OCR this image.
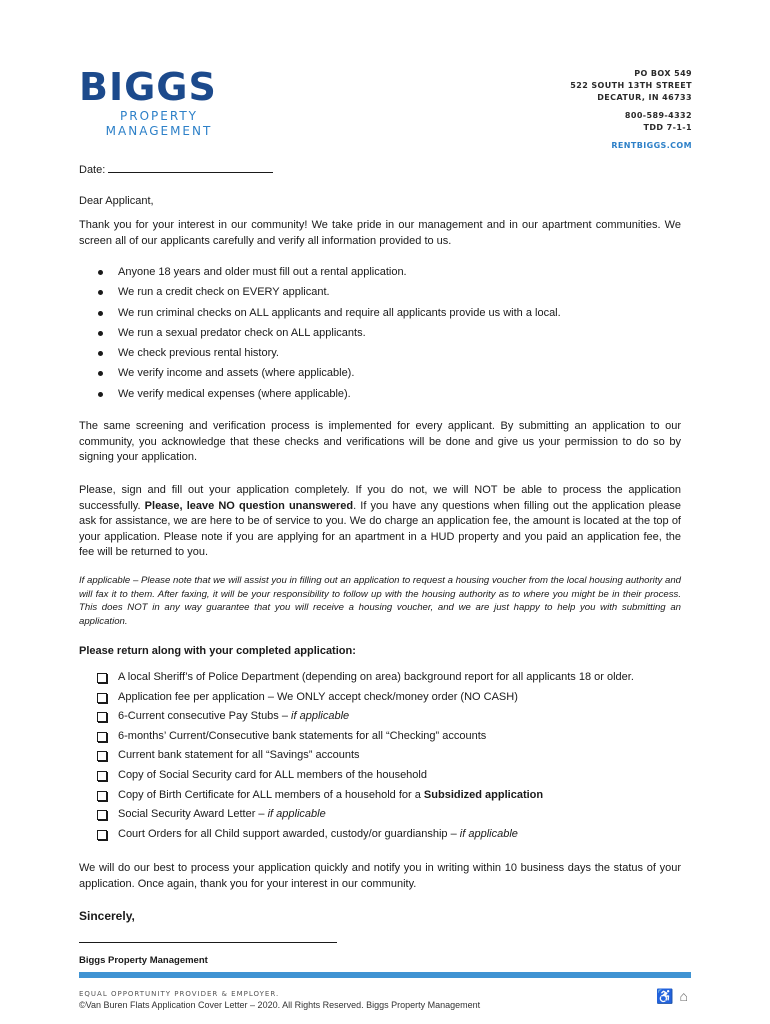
BIGGS
PROPERTY
MANAGEMENT
PO BOX 549
522 SOUTH 13TH STREET
DECATUR, IN 46733
800-589-4332
TDD 7-1-1
RENTBIGGS.COM
Date:
Dear Applicant,
Thank you for your interest in our community! We take pride in our management and in our apartment communities. We screen all of our applicants carefully and verify all information provided to us.
Anyone 18 years and older must fill out a rental application.
We run a credit check on EVERY applicant.
We run criminal checks on ALL applicants and require all applicants provide us with a local.
We run a sexual predator check on ALL applicants.
We check previous rental history.
We verify income and assets (where applicable).
We verify medical expenses (where applicable).
The same screening and verification process is implemented for every applicant. By submitting an application to our community, you acknowledge that these checks and verifications will be done and give us your permission to do so by signing your application.
Please, sign and fill out your application completely. If you do not, we will NOT be able to process the application successfully. Please, leave NO question unanswered. If you have any questions when filling out the application please ask for assistance, we are here to be of service to you. We do charge an application fee, the amount is located at the top of your application. Please note if you are applying for an apartment in a HUD property and you paid an application fee, the fee will be returned to you.
If applicable – Please note that we will assist you in filling out an application to request a housing voucher from the local housing authority and will fax it to them. After faxing, it will be your responsibility to follow up with the housing authority as to where you might be in their process. This does NOT in any way guarantee that you will receive a housing voucher, and we are just happy to help you with submitting an application.
Please return along with your completed application:
A local Sheriff’s of Police Department (depending on area) background report for all applicants 18 or older.
Application fee per application – We ONLY accept check/money order (NO CASH)
6-Current consecutive Pay Stubs – if applicable
6-months’ Current/Consecutive bank statements for all “Checking” accounts
Current bank statement for all “Savings” accounts
Copy of Social Security card for ALL members of the household
Copy of Birth Certificate for ALL members of a household for a Subsidized application
Social Security Award Letter – if applicable
Court Orders for all Child support awarded, custody/or guardianship – if applicable
We will do our best to process your application quickly and notify you in writing within 10 business days the status of your application. Once again, thank you for your interest in our community.
Sincerely,
Biggs Property Management
EQUAL OPPORTUNITY PROVIDER & EMPLOYER.
©Van Buren Flats Application Cover Letter – 2020. All Rights Reserved. Biggs Property Management
♿ ⌂
